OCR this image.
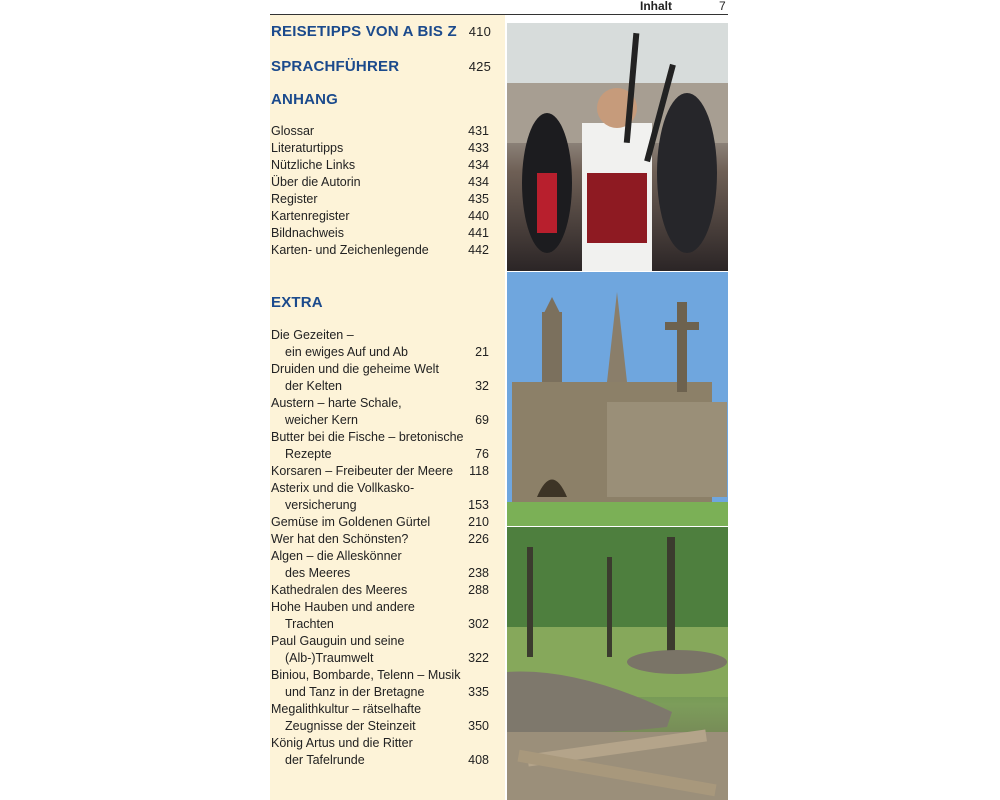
Inhalt	7
REISETIPPS VON A BIS Z 410
SPRACHFÜHRER	425
ANHANG
Glossar	431
Literaturtipps	433
Nützliche Links	434
Über die Autorin	434
Register	435
Kartenregister	440
Bildnachweis	441
Karten- und Zeichenlegende	442
EXTRA
Die Gezeiten –
ein ewiges Auf und Ab	21
Druiden und die geheime Welt
der Kelten	32
Austern – harte Schale,
weicher Kern	69
Butter bei die Fische – bretonische
Rezepte	76
Korsaren – Freibeuter der Meere 118
Asterix und die Vollkasko-
versicherung	153
Gemüse im Goldenen Gürtel	210
Wer hat den Schönsten?	226
Algen – die Alleskönner
des Meeres	238
Kathedralen des Meeres	288
Hohe Hauben und andere
Trachten	302
Paul Gauguin und seine
(Alb-)Traumwelt	322
Biniou, Bombarde, Telenn – Musik
und Tanz in der Bretagne	335
Megalithkultur – rätselhafte
Zeugnisse der Steinzeit	350
König Artus und die Ritter
der Tafelrunde	408
